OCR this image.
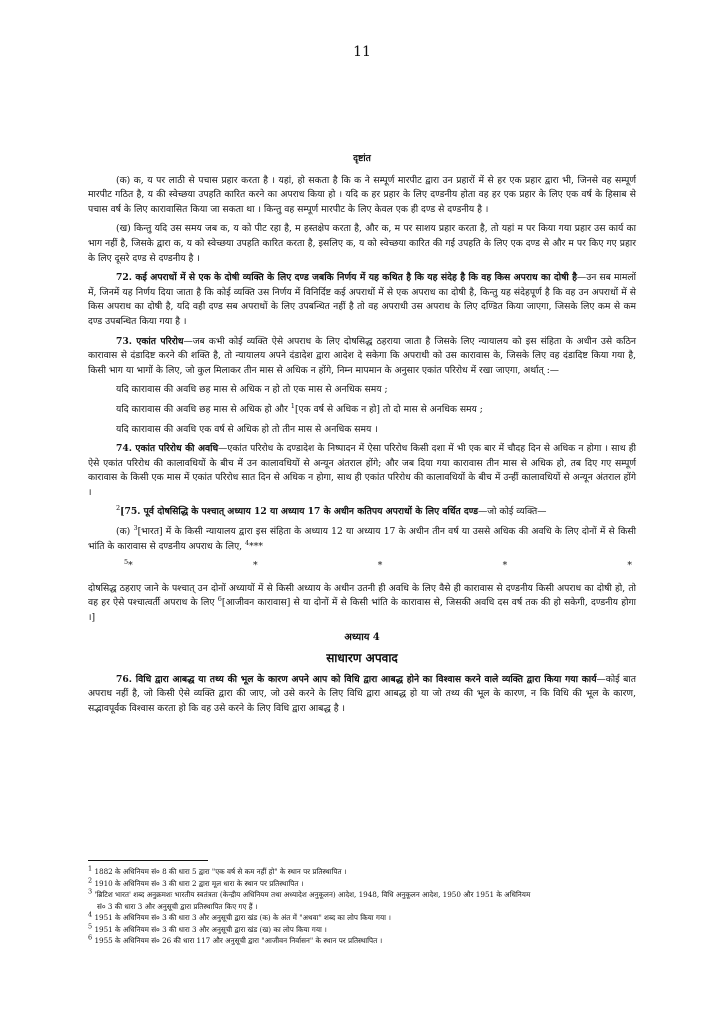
11

दृष्टांत

(क) क, य पर लाठी से पचास प्रहार करता है । यहां, हो सकता है कि क ने सम्पूर्ण मारपीट द्वारा उन प्रहारों में से हर एक प्रहार द्वारा भी, जिनसे वह सम्पूर्ण मारपीट गठित है, य की स्वेच्छया उपहति कारित करने का अपराध किया हो । यदि क हर प्रहार के लिए दण्डनीय होता वह हर एक प्रहार के लिए एक वर्ष के हिसाब से पचास वर्ष के लिए कारावासित किया जा सकता था । किन्तु वह सम्पूर्ण मारपीट के लिए केवल एक ही दण्ड से दण्डनीय है ।

(ख) किन्तु यदि उस समय जब क, य को पीट रहा है, म हस्तक्षेप करता है, और क, म पर साशय प्रहार करता है, तो यहां म पर किया गया प्रहार उस कार्य का भाग नहीं है, जिसके द्वारा क, य को स्वेच्छया उपहति कारित करता है, इसलिए क, य को स्वेच्छया कारित की गई उपहति के लिए एक दण्ड से और म पर किए गए प्रहार के लिए दूसरे दण्ड से दण्डनीय है ।

72. कई अपराधों में से एक के दोषी व्यक्ति के लिए दण्ड जबकि निर्णय में यह कथित है कि यह संदेह है कि वह किस अपराध का दोषी है—उन सब मामलों में, जिनमें यह निर्णय दिया जाता है कि कोई व्यक्ति उस निर्णय में विनिर्दिष्ट कई अपराधों में से एक अपराध का दोषी है, किन्तु यह संदेहपूर्ण है कि वह उन अपराधों में से किस अपराध का दोषी है, यदि वही दण्ड सब अपराधों के लिए उपबन्धित नहीं है तो वह अपराधी उस अपराध के लिए दण्डित किया जाएगा, जिसके लिए कम से कम दण्ड उपबन्धित किया गया है ।

73. एकांत परिरोध—जब कभी कोई व्यक्ति ऐसे अपराध के लिए दोषसिद्ध ठहराया जाता है जिसके लिए न्यायालय को इस संहिता के अधीन उसे कठिन कारावास से दंडादिष्ट करने की शक्ति है, तो न्यायालय अपने दंडादेश द्वारा आदेश दे सकेगा कि अपराधी को उस कारावास के, जिसके लिए वह दंडादिष्ट किया गया है, किसी भाग या भागों के लिए, जो कुल मिलाकर तीन मास से अधिक न होंगे, निम्न मापमान के अनुसार एकांत परिरोध में रखा जाएगा, अर्थात् :—

यदि कारावास की अवधि छह मास से अधिक न हो तो एक मास से अनधिक समय ;

यदि कारावास की अवधि छह मास से अधिक हो और $^1$[एक वर्ष से अधिक न हो] तो दो मास से अनधिक समय ;

यदि कारावास की अवधि एक वर्ष से अधिक हो तो तीन मास से अनधिक समय ।

74. एकांत परिरोध की अवधि—एकांत परिरोध के दण्डादेश के निष्पादन में ऐसा परिरोध किसी दशा में भी एक बार में चौदह दिन से अधिक न होगा । साथ ही ऐसे एकांत परिरोध की कालावधियों के बीच में उन कालावधियों से अन्यून अंतराल होंगे; और जब दिया गया कारावास तीन मास से अधिक हो, तब दिए गए सम्पूर्ण कारावास के किसी एक मास में एकांत परिरोध सात दिन से अधिक न होगा, साथ ही एकांत परिरोध की कालावधियों के बीच में उन्हीं कालावधियों से अन्यून अंतराल होंगे ।

$^2$[75. पूर्व दोषसिद्धि के पश्चात् अध्याय 12 या अध्याय 17 के अधीन कतिपय अपराधों के लिए वर्धित दण्ड—जो कोई व्यक्ति—

(क) $^3$[भारत] में के किसी न्यायालय द्वारा इस संहिता के अध्याय 12 या अध्याय 17 के अधीन तीन वर्ष या उससे अधिक की अवधि के लिए दोनों में से किसी भांति के कारावास से दण्डनीय अपराध के लिए, $^4$***

$^5$*	*	*	*	*

दोषसिद्ध ठहराए जाने के पश्चात् उन दोनों अध्यायों में से किसी अध्याय के अधीन उतनी ही अवधि के लिए वैसे ही कारावास से दण्डनीय किसी अपराध का दोषी हो, तो वह हर ऐसे पश्चात्वर्ती अपराध के लिए $^6$[आजीवन कारावास] से या दोनों में से किसी भांति के कारावास से, जिसकी अवधि दस वर्ष तक की हो सकेगी, दण्डनीय होगा ।]

अध्याय 4

साधारण अपवाद

76. विधि द्वारा आबद्ध या तथ्य की भूल के कारण अपने आप को विधि द्वारा आबद्ध होने का विश्वास करने वाले व्यक्ति द्वारा किया गया कार्य—कोई बात अपराध नहीं है, जो किसी ऐसे व्यक्ति द्वारा की जाए, जो उसे करने के लिए विधि द्वारा आबद्ध हो या जो तथ्य की भूल के कारण, न कि विधि की भूल के कारण, सद्भावपूर्वक विश्वास करता हो कि वह उसे करने के लिए विधि द्वारा आबद्ध है ।

$^1$ 1882 के अधिनियम सं० 8 की धारा 5 द्वारा "एक वर्ष से कम नहीं हो" के स्थान पर प्रतिस्थापित ।

$^2$ 1910 के अधिनियम सं० 3 की धारा 2 द्वारा मूल धारा के स्थान पर प्रतिस्थापित ।

$^3$ 'ब्रिटिश भारत' शब्द अनुक्रमशः भारतीय स्वतंत्रता (केन्द्रीय अधिनियम तथा अध्यादेश अनुकूलन) आदेश, 1948, विधि अनुकूलन आदेश, 1950 और 1951 के अधिनियम

सं० 3 की धारा 3 और अनुसूची द्वारा प्रतिस्थापित किए गए हैं ।

$^4$ 1951 के अधिनियम सं० 3 की धारा 3 और अनुसूची द्वारा खंड (क) के अंत में "अथवा" शब्द का लोप किया गया ।

$^5$ 1951 के अधिनियम सं० 3 की धारा 3 और अनुसूची द्वारा खंड (ख) का लोप किया गया ।

$^6$ 1955 के अधिनियम सं० 26 की धारा 117 और अनुसूची द्वारा "आजीवन निर्वासन" के स्थान पर प्रतिस्थापित ।
